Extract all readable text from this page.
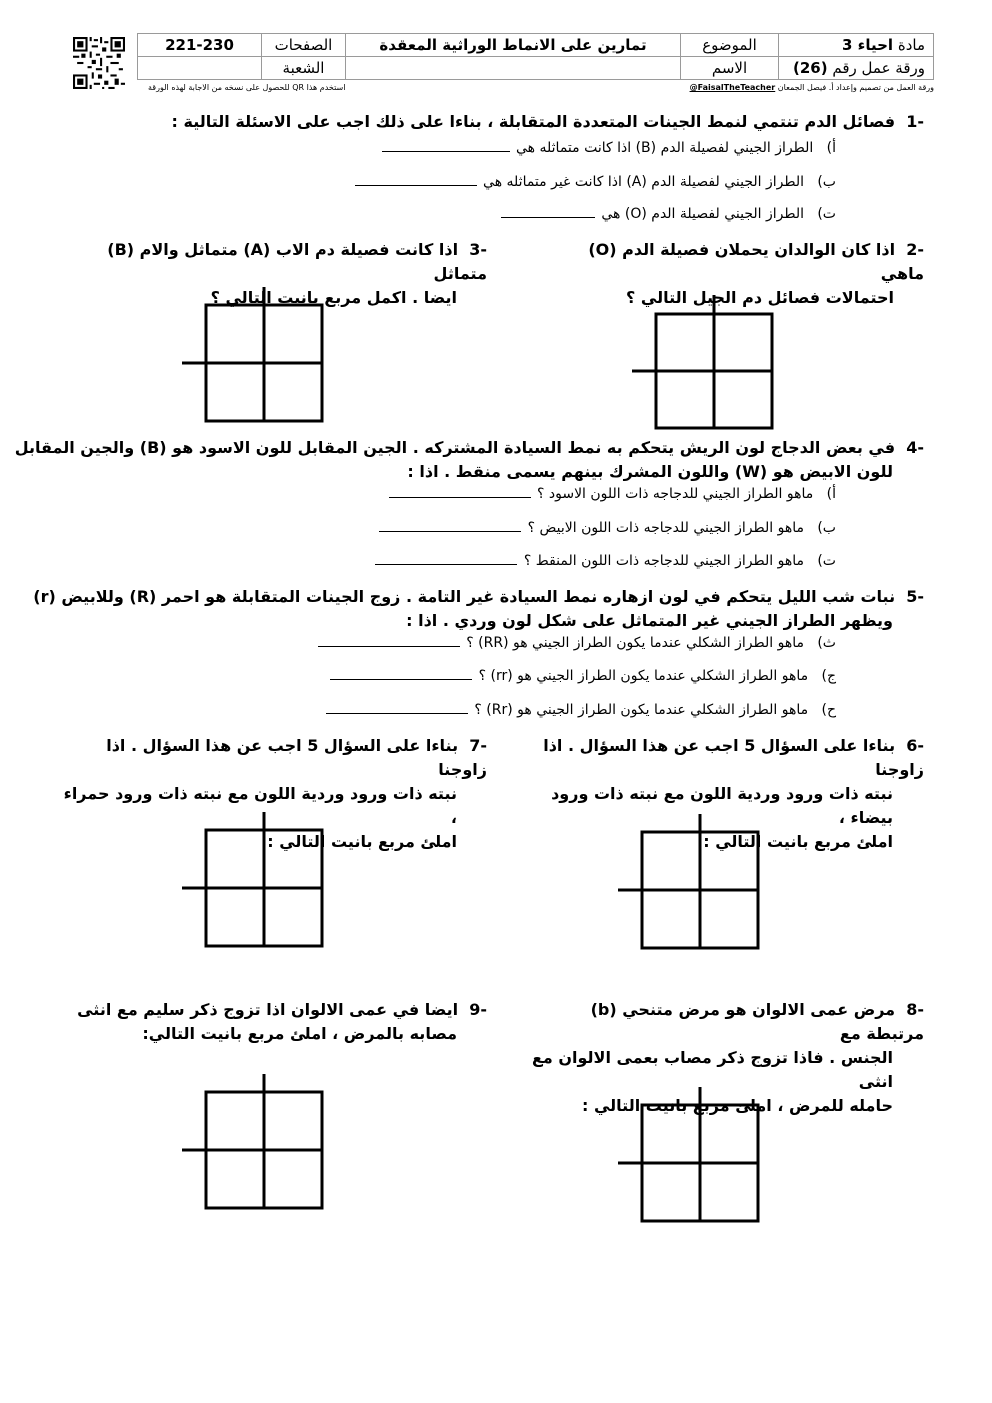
مادة

احياء 3
الموضوع
تمارين على الانماط الوراثية المعقدة
الصفحات
221-230
ورقة عمل رقم

(26)
الاسم
الشعبة
ورقة العمل من تصميم وإعداد أ. فيصل الجمعان @FaisalTheTeacher
استخدم هذا QR للحصول على نسخه من الاجابة لهذه الورقة
-1  فصائل الدم تنتمي لنمط الجينات المتعددة المتقابلة ، بناءا على ذلك اجب على الاسئلة التالية :
أ)   الطراز الجيني لفصيلة الدم (B) اذا كانت متماثله هي
ب)   الطراز الجيني لفصيلة الدم (A) اذا كانت غير متماثله هي
ت)   الطراز الجيني لفصيلة الدم (O) هي
-2  اذا كان الوالدان يحملان فصيلة الدم (O) ماهي
احتمالات فصائل دم الجيل التالي ؟
-3  اذا كانت فصيلة دم الاب (A) متماثل والام (B) متماثل
ايضا . اكمل مربع بانيت التالي ؟
-4  في بعض الدجاج لون الريش يتحكم به نمط السيادة المشتركه . الجين المقابل للون الاسود هو (B) والجين المقابل
للون الابيض هو (W) واللون المشرك بينهم يسمى منقط . اذا :
أ)   ماهو الطراز الجيني للدجاجه ذات اللون الاسود ؟
ب)   ماهو الطراز الجيني للدجاجه ذات اللون الابيض ؟
ت)   ماهو الطراز الجيني للدجاجه ذات اللون المنقط ؟
-5  نبات شب الليل يتحكم في لون ازهاره نمط السيادة غير التامة . زوج الجينات المتقابلة هو احمر (R) وللابيض (r)
ويظهر الطراز الجيني غير المتماثل على شكل لون وردي . اذا :
ث)   ماهو الطراز الشكلي عندما يكون الطراز الجيني هو (RR) ؟
ج)   ماهو الطراز الشكلي عندما يكون الطراز الجيني هو (rr) ؟
ح)   ماهو الطراز الشكلي عندما يكون الطراز الجيني هو (Rr) ؟
-6  بناءا على السؤال 5 اجب عن هذا السؤال . اذا زاوجنا
نبته ذات ورود وردية اللون مع نبته ذات ورود بيضاء ،
املئ مربع بانيت التالي :
-7  بناءا على السؤال 5 اجب عن هذا السؤال . اذا زاوجنا
نبته ذات ورود وردية اللون مع نبته ذات ورود حمراء ،
املئ مربع بانيت التالي :
-8  مرض عمى الالوان هو مرض متنحي (b) مرتبطة مع
الجنس . فاذا تزوج ذكر مصاب بعمى الالوان مع انثى
حامله للمرض ، املئ مربع بانيت التالي :
-9  ايضا في عمى الالوان اذا تزوج ذكر سليم مع انثى
مصابه بالمرض ، املئ مربع بانيت التالي:
